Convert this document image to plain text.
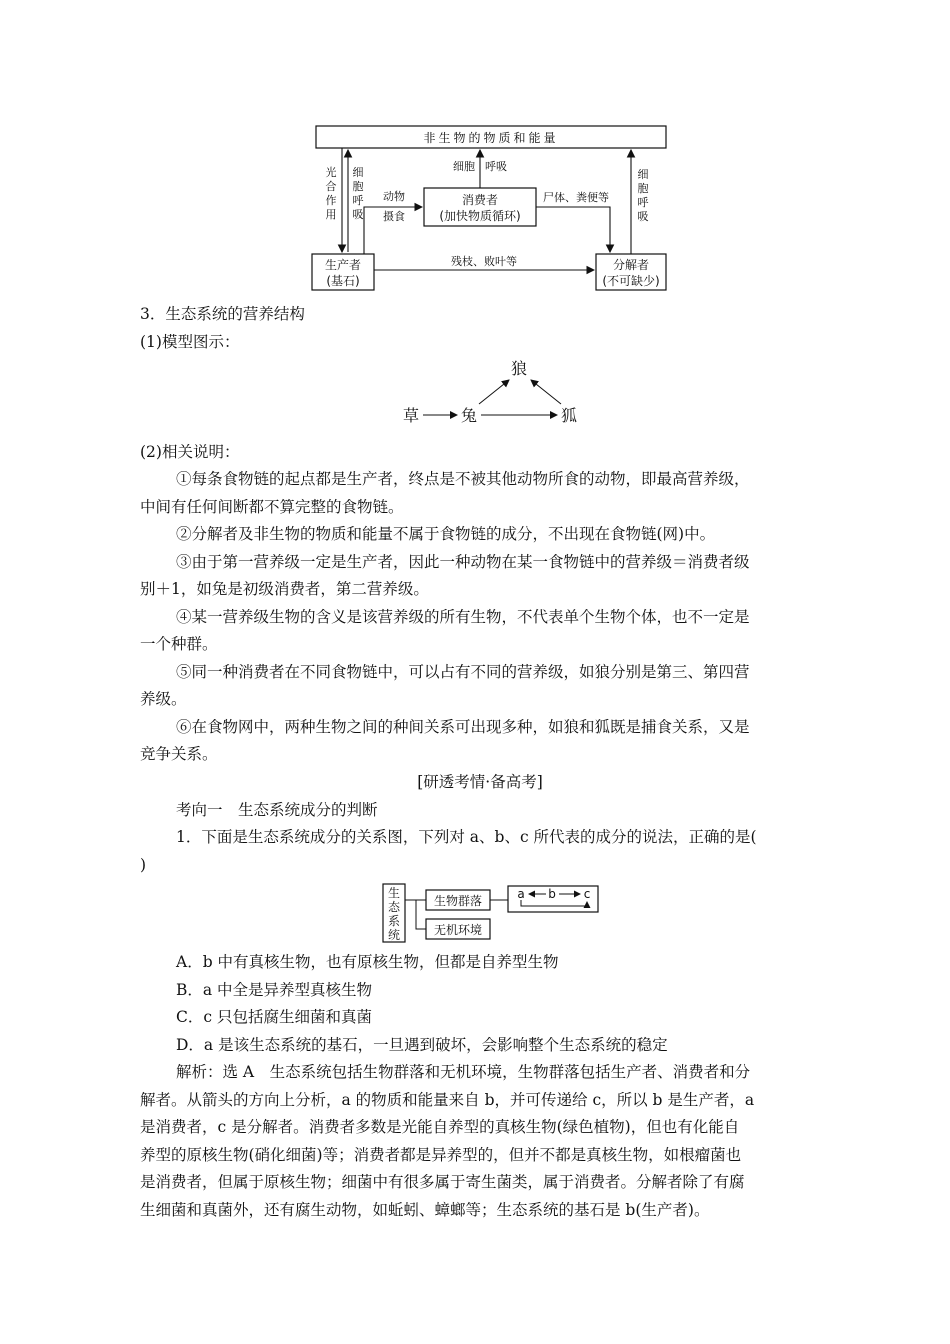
非生物的物质和能量
生产者
(基石)
消费者
(加快物质循环)
分解者
(不可缺少)
光
合
作
用
细
胞
呼
吸
动物
摄食
细胞 呼吸
尸体、粪便等
细
胞
呼
吸
残枝、败叶等
3．生态系统的营养结构
(1)模型图示：
狼
草	兔	狐
(2)相关说明：
①每条食物链的起点都是生产者，终点是不被其他动物所食的动物，即最高营养级，
中间有任何间断都不算完整的食物链。
②分解者及非生物的物质和能量不属于食物链的成分，不出现在食物链(网)中。
③由于第一营养级一定是生产者，因此一种动物在某一食物链中的营养级＝消费者级
别＋1，如兔是初级消费者，第二营养级。
④某一营养级生物的含义是该营养级的所有生物，不代表单个生物个体，也不一定是
一个种群。
⑤同一种消费者在不同食物链中，可以占有不同的营养级，如狼分别是第三、第四营
养级。
⑥在食物网中，两种生物之间的种间关系可出现多种，如狼和狐既是捕食关系，又是
竞争关系。
[研透考情·备高考]
考向一　生态系统成分的判断
1．下面是生态系统成分的关系图，下列对 a、b、c 所代表的成分的说法，正确的是(
)
生
态
系
统
生物群落
无机环境
a b c
A．b 中有真核生物，也有原核生物，但都是自养型生物
B．a 中全是异养型真核生物
C．c 只包括腐生细菌和真菌
D．a 是该生态系统的基石，一旦遇到破坏，会影响整个生态系统的稳定
解析：选 A　生态系统包括生物群落和无机环境，生物群落包括生产者、消费者和分
解者。从箭头的方向上分析，a 的物质和能量来自 b，并可传递给 c，所以 b 是生产者，a
是消费者，c 是分解者。消费者多数是光能自养型的真核生物(绿色植物)，但也有化能自
养型的原核生物(硝化细菌)等；消费者都是异养型的，但并不都是真核生物，如根瘤菌也
是消费者，但属于原核生物；细菌中有很多属于寄生菌类，属于消费者。分解者除了有腐
生细菌和真菌外，还有腐生动物，如蚯蚓、蟑螂等；生态系统的基石是 b(生产者)。
